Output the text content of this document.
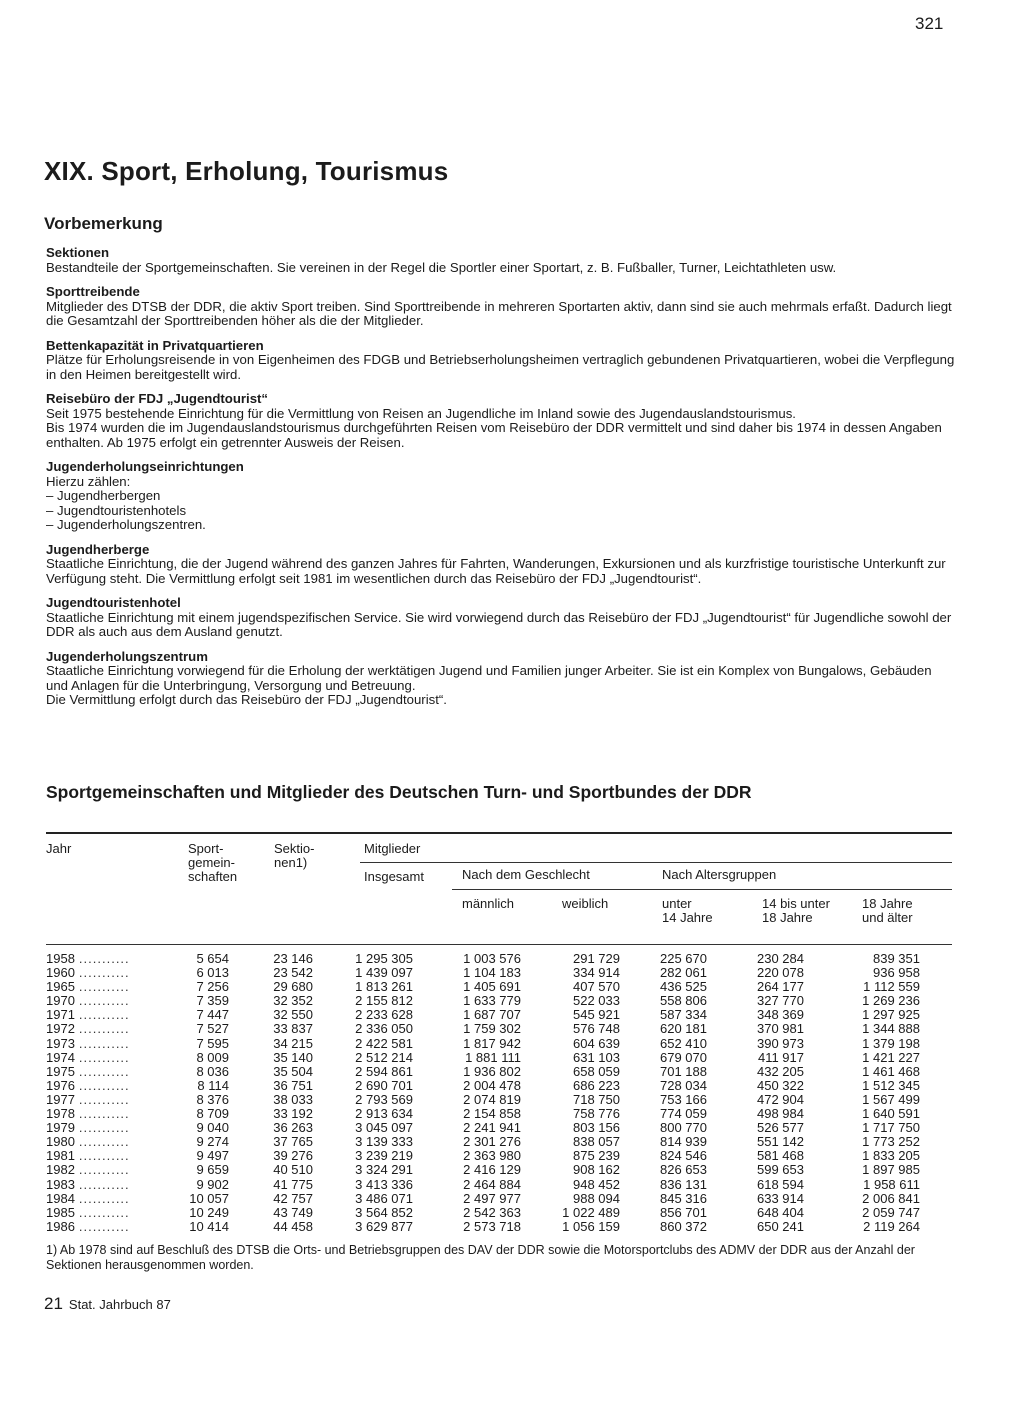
321
XIX. Sport, Erholung, Tourismus
Vorbemerkung
Sektionen
Bestandteile der Sportgemeinschaften. Sie vereinen in der Regel die Sportler einer Sportart, z. B. Fußballer, Turner, Leichtathleten usw.
Sporttreibende
Mitglieder des DTSB der DDR, die aktiv Sport treiben. Sind Sporttreibende in mehreren Sportarten aktiv, dann sind sie auch mehrmals erfaßt. Dadurch liegt die Gesamtzahl der Sporttreibenden höher als die der Mitglieder.
Bettenkapazität in Privatquartieren
Plätze für Erholungsreisende in von Eigenheimen des FDGB und Betriebserholungsheimen vertraglich gebundenen Privatquartieren, wobei die Verpflegung in den Heimen bereitgestellt wird.
Reisebüro der FDJ „Jugendtourist“
Seit 1975 bestehende Einrichtung für die Vermittlung von Reisen an Jugendliche im Inland sowie des Jugendauslandstourismus.
Bis 1974 wurden die im Jugendauslandstourismus durchgeführten Reisen vom Reisebüro der DDR vermittelt und sind daher bis 1974 in dessen Angaben enthalten. Ab 1975 erfolgt ein getrennter Ausweis der Reisen.
Jugenderholungseinrichtungen
Hierzu zählen:
– Jugendherbergen
– Jugendtouristenhotels
– Jugenderholungszentren.
Jugendherberge
Staatliche Einrichtung, die der Jugend während des ganzen Jahres für Fahrten, Wanderungen, Exkursionen und als kurzfristige touristische Unterkunft zur Verfügung steht. Die Vermittlung erfolgt seit 1981 im wesentlichen durch das Reisebüro der FDJ „Jugendtourist“.
Jugendtouristenhotel
Staatliche Einrichtung mit einem jugendspezifischen Service. Sie wird vorwiegend durch das Reisebüro der FDJ „Jugendtourist“ für Jugendliche sowohl der DDR als auch aus dem Ausland genutzt.
Jugenderholungszentrum
Staatliche Einrichtung vorwiegend für die Erholung der werktätigen Jugend und Familien junger Arbeiter. Sie ist ein Komplex von Bungalows, Gebäuden und Anlagen für die Unterbringung, Versorgung und Betreuung.
Die Vermittlung erfolgt durch das Reisebüro der FDJ „Jugendtourist“.
Sportgemeinschaften und Mitglieder des Deutschen Turn- und Sportbundes der DDR
Jahr	Sport-
gemein-
schaften
Sektio-
nen1)
Mitglieder
Insgesamt	Nach dem Geschlecht
männlich	weiblich
Nach Altersgruppen
unter
14 Jahre
14 bis unter
18 Jahre
18 Jahre
und älter
1958 ...........	5 654	23 146	1 295 305	1 003 576	291 729	225 670	230 284	839 351
1960 ...........	6 013	23 542	1 439 097	1 104 183	334 914	282 061	220 078	936 958
1965 ...........	7 256	29 680	1 813 261	1 405 691	407 570	436 525	264 177	1 112 559
1970 ...........	7 359	32 352	2 155 812	1 633 779	522 033	558 806	327 770	1 269 236
1971 ...........	7 447	32 550	2 233 628	1 687 707	545 921	587 334	348 369	1 297 925
1972 ...........	7 527	33 837	2 336 050	1 759 302	576 748	620 181	370 981	1 344 888
1973 ...........	7 595	34 215	2 422 581	1 817 942	604 639	652 410	390 973	1 379 198
1974 ...........	8 009	35 140	2 512 214	1 881 111	631 103	679 070	411 917	1 421 227
1975 ...........	8 036	35 504	2 594 861	1 936 802	658 059	701 188	432 205	1 461 468
1976 ...........	8 114	36 751	2 690 701	2 004 478	686 223	728 034	450 322	1 512 345
1977 ...........	8 376	38 033	2 793 569	2 074 819	718 750	753 166	472 904	1 567 499
1978 ...........	8 709	33 192	2 913 634	2 154 858	758 776	774 059	498 984	1 640 591
1979 ...........	9 040	36 263	3 045 097	2 241 941	803 156	800 770	526 577	1 717 750
1980 ...........	9 274	37 765	3 139 333	2 301 276	838 057	814 939	551 142	1 773 252
1981 ...........	9 497	39 276	3 239 219	2 363 980	875 239	824 546	581 468	1 833 205
1982 ...........	9 659	40 510	3 324 291	2 416 129	908 162	826 653	599 653	1 897 985
1983 ...........	9 902	41 775	3 413 336	2 464 884	948 452	836 131	618 594	1 958 611
1984 ...........	10 057	42 757	3 486 071	2 497 977	988 094	845 316	633 914	2 006 841
1985 ...........	10 249	43 749	3 564 852	2 542 363	1 022 489	856 701	648 404	2 059 747
1986 ...........	10 414	44 458	3 629 877	2 573 718	1 056 159	860 372	650 241	2 119 264
1) Ab 1978 sind auf Beschluß des DTSB die Orts- und Betriebsgruppen des DAV der DDR sowie die Motorsportclubs des ADMV der DDR aus der Anzahl der Sektionen herausgenommen worden.
21 Stat. Jahrbuch 87
